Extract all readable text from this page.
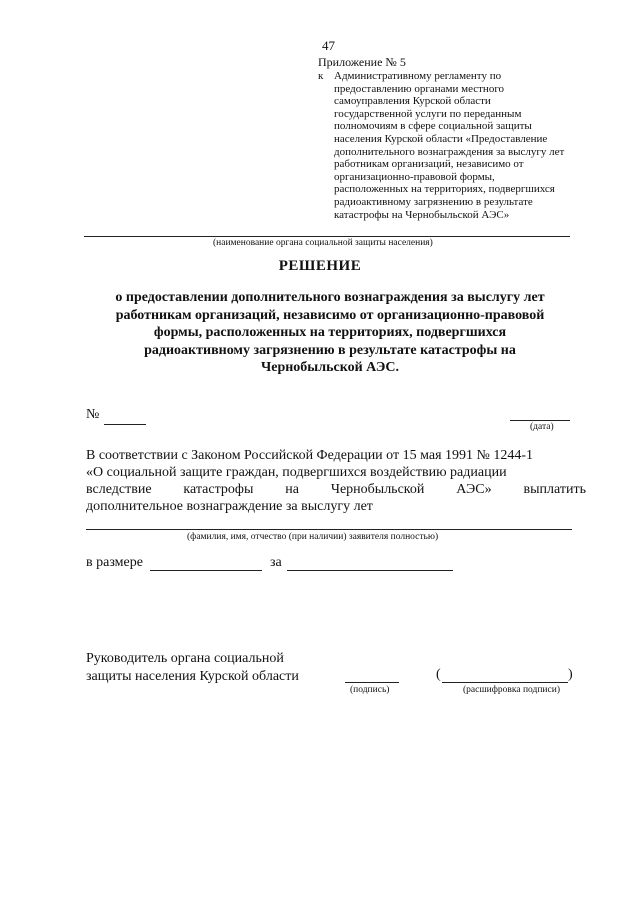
47
Приложение № 5
к Административному регламенту по
предоставлению органами местного
самоуправления Курской области
государственной услуги по переданным
полномочиям в сфере социальной защиты
населения Курской области «Предоставление
дополнительного вознаграждения за выслугу лет
работникам организаций, независимо от
организационно-правовой формы,
расположенных на территориях, подвергшихся
радиоактивному загрязнению в результате
катастрофы на Чернобыльской АЭС»
(наименование органа социальной защиты населения)
РЕШЕНИЕ
о предоставлении дополнительного вознаграждения за выслугу лет
работникам организаций, независимо от организационно-правовой
формы, расположенных на территориях, подвергшихся
радиоактивному загрязнению в результате катастрофы на
Чернобыльской АЭС.
№
(дата)
В соответствии с Законом Российской Федерации от 15 мая 1991 № 1244-1
«О социальной защите граждан, подвергшихся воздействию радиации
вследствие катастрофы на Чернобыльской АЭС» выплатить
дополнительное вознаграждение за выслугу лет
(фамилия, имя, отчество (при наличии) заявителя полностью)
в размере	за
Руководитель органа социальной
защиты населения Курской области
(подпись)
(	)
(расшифровка подписи)
